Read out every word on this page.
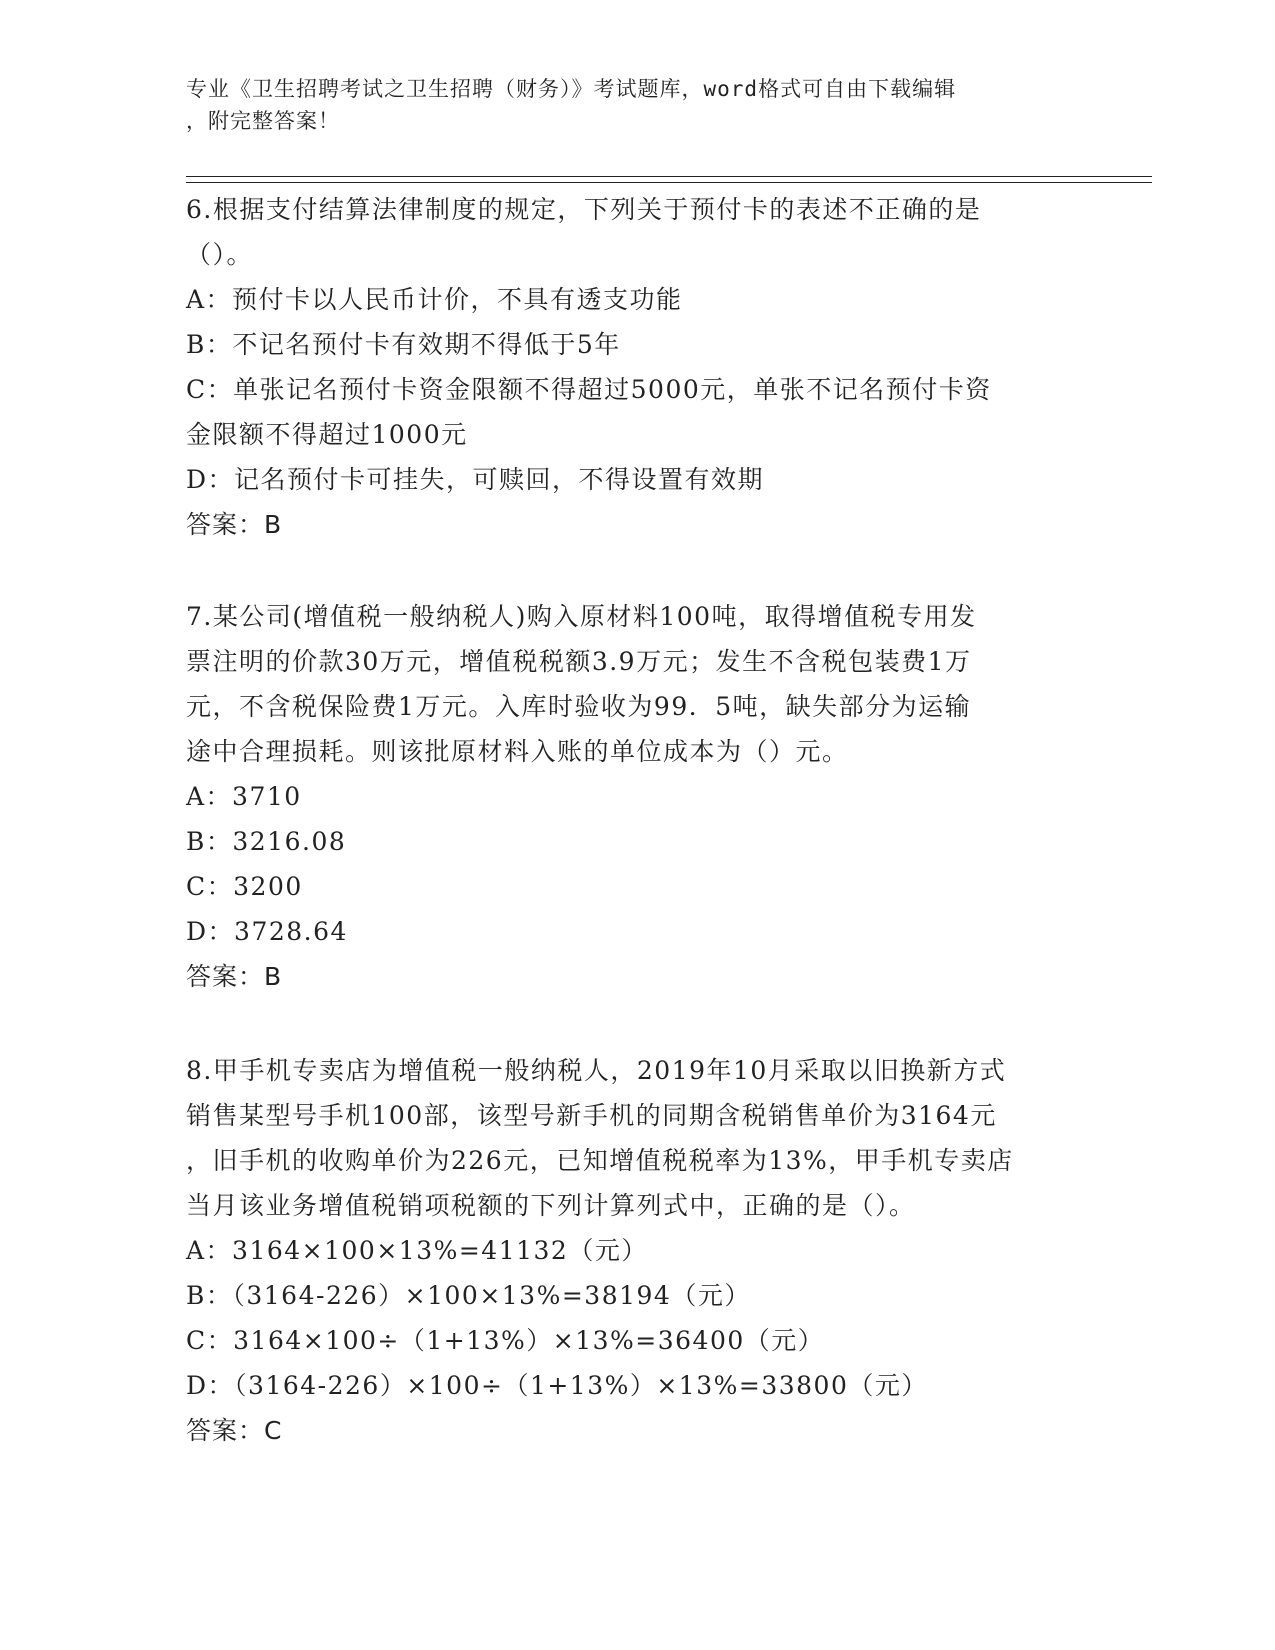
专业《卫生招聘考试之卫生招聘（财务）》考试题库，word格式可自由下载编辑
，附完整答案！
6.根据支付结算法律制度的规定，下列关于预付卡的表述不正确的是
（）。
A：预付卡以人民币计价，不具有透支功能
B：不记名预付卡有效期不得低于5年
C：单张记名预付卡资金限额不得超过5000元，单张不记名预付卡资
金限额不得超过1000元
D：记名预付卡可挂失，可赎回，不得设置有效期
答案：B
7.某公司(增值税一般纳税人)购入原材料100吨，取得增值税专用发
票注明的价款30万元，增值税税额3.9万元；发生不含税包装费1万
元，不含税保险费1万元。入库时验收为99．5吨，缺失部分为运输
途中合理损耗。则该批原材料入账的单位成本为（）元。
A：3710
B：3216.08
C：3200
D：3728.64
答案：B
8.甲手机专卖店为增值税一般纳税人，2019年10月采取以旧换新方式
销售某型号手机100部，该型号新手机的同期含税销售单价为3164元
，旧手机的收购单价为226元，已知增值税税率为13%，甲手机专卖店
当月该业务增值税销项税额的下列计算列式中，正确的是（）。
A：3164×100×13%=41132（元）
B：（3164-226）×100×13%=38194（元）
C：3164×100÷（1+13%）×13%=36400（元）
D：（3164-226）×100÷（1+13%）×13%=33800（元）
答案：C
